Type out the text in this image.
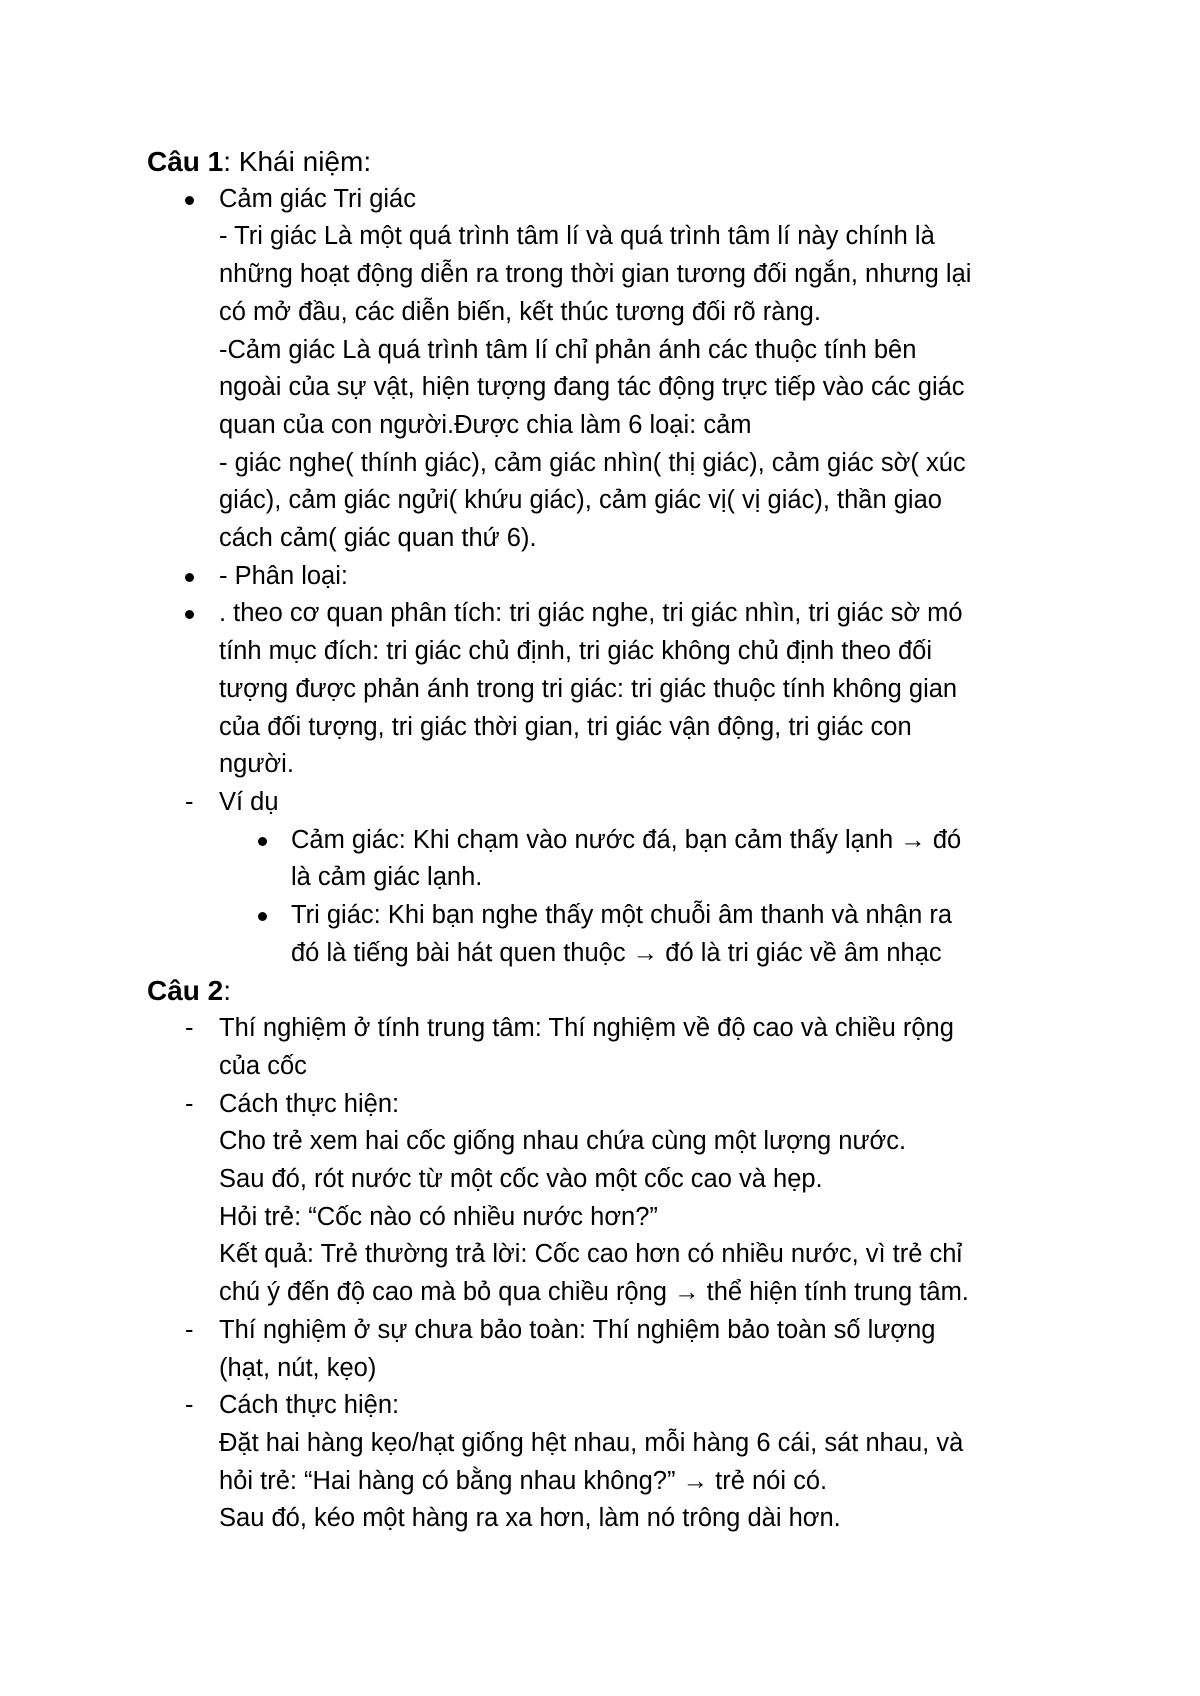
Câu 1: Khái niệm:
Cảm giác Tri giác
- Tri giác Là một quá trình tâm lí và quá trình tâm lí này chính là
những hoạt động diễn ra trong thời gian tương đối ngắn, nhưng lại
có mở đầu, các diễn biến, kết thúc tương đối rõ ràng.
-Cảm giác Là quá trình tâm lí chỉ phản ánh các thuộc tính bên
ngoài của sự vật, hiện tượng đang tác động trực tiếp vào các giác
quan của con người.Được chia làm 6 loại: cảm
- giác nghe( thính giác), cảm giác nhìn( thị giác), cảm giác sờ( xúc
giác), cảm giác ngửi( khứu giác), cảm giác vị( vị giác), thần giao
cách cảm( giác quan thứ 6).
- Phân loại:
. theo cơ quan phân tích: tri giác nghe, tri giác nhìn, tri giác sờ mó
tính mục đích: tri giác chủ định, tri giác không chủ định theo đối
tượng được phản ánh trong tri giác: tri giác thuộc tính không gian
của đối tượng, tri giác thời gian, tri giác vận động, tri giác con
người.
-	Ví dụ
Cảm giác: Khi chạm vào nước đá, bạn cảm thấy lạnh → đó
là cảm giác lạnh.
Tri giác: Khi bạn nghe thấy một chuỗi âm thanh và nhận ra
đó là tiếng bài hát quen thuộc → đó là tri giác về âm nhạc
Câu 2:
-	Thí nghiệm ở tính trung tâm: Thí nghiệm về độ cao và chiều rộng
của cốc
-	Cách thực hiện:
Cho trẻ xem hai cốc giống nhau chứa cùng một lượng nước.
Sau đó, rót nước từ một cốc vào một cốc cao và hẹp.
Hỏi trẻ: “Cốc nào có nhiều nước hơn?”
Kết quả: Trẻ thường trả lời: Cốc cao hơn có nhiều nước, vì trẻ chỉ
chú ý đến độ cao mà bỏ qua chiều rộng → thể hiện tính trung tâm.
-	Thí nghiệm ở sự chưa bảo toàn: Thí nghiệm bảo toàn số lượng
(hạt, nút, kẹo)
-	Cách thực hiện:
Đặt hai hàng kẹo/hạt giống hệt nhau, mỗi hàng 6 cái, sát nhau, và
hỏi trẻ: “Hai hàng có bằng nhau không?” → trẻ nói có.
Sau đó, kéo một hàng ra xa hơn, làm nó trông dài hơn.
